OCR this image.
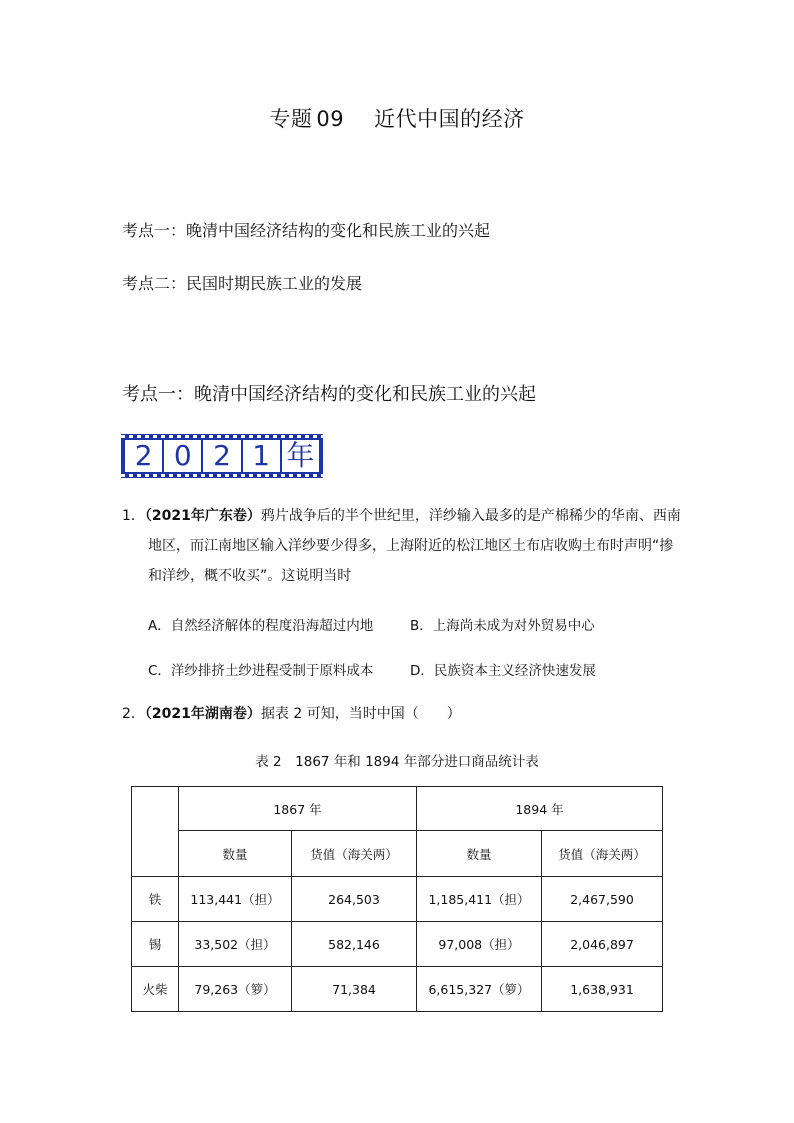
专题 09 近代中国的经济
考点一：晚清中国经济结构的变化和民族工业的兴起
考点二：民国时期民族工业的发展
考点一：晚清中国经济结构的变化和民族工业的兴起
2 0 2 1 年
1．（2021年广东卷）鸦片战争后的半个世纪里，洋纱输入最多的是产棉稀少的华南、西南
地区，而江南地区输入洋纱要少得多，上海附近的松江地区土布店收购土布时声明“掺
和洋纱，概不收买”。这说明当时
A．自然经济解体的程度沿海超过内地	B．上海尚未成为对外贸易中心
C．洋纱排挤土纱进程受制于原料成本	D．民族资本主义经济快速发展
2．（2021年湖南卷）据表 2 可知，当时中国（　　）
表 2　1867 年和 1894 年部分进口商品统计表
	1867 年		1894 年	
	数量	货值（海关两）	数量	货值（海关两）
铁	113,441（担）	264,503	1,185,411（担）	2,467,590
锡	33,502（担）	582,146	97,008（担）	2,046,897
火柴	79,263（箩）	71,384	6,615,327（箩）	1,638,931
